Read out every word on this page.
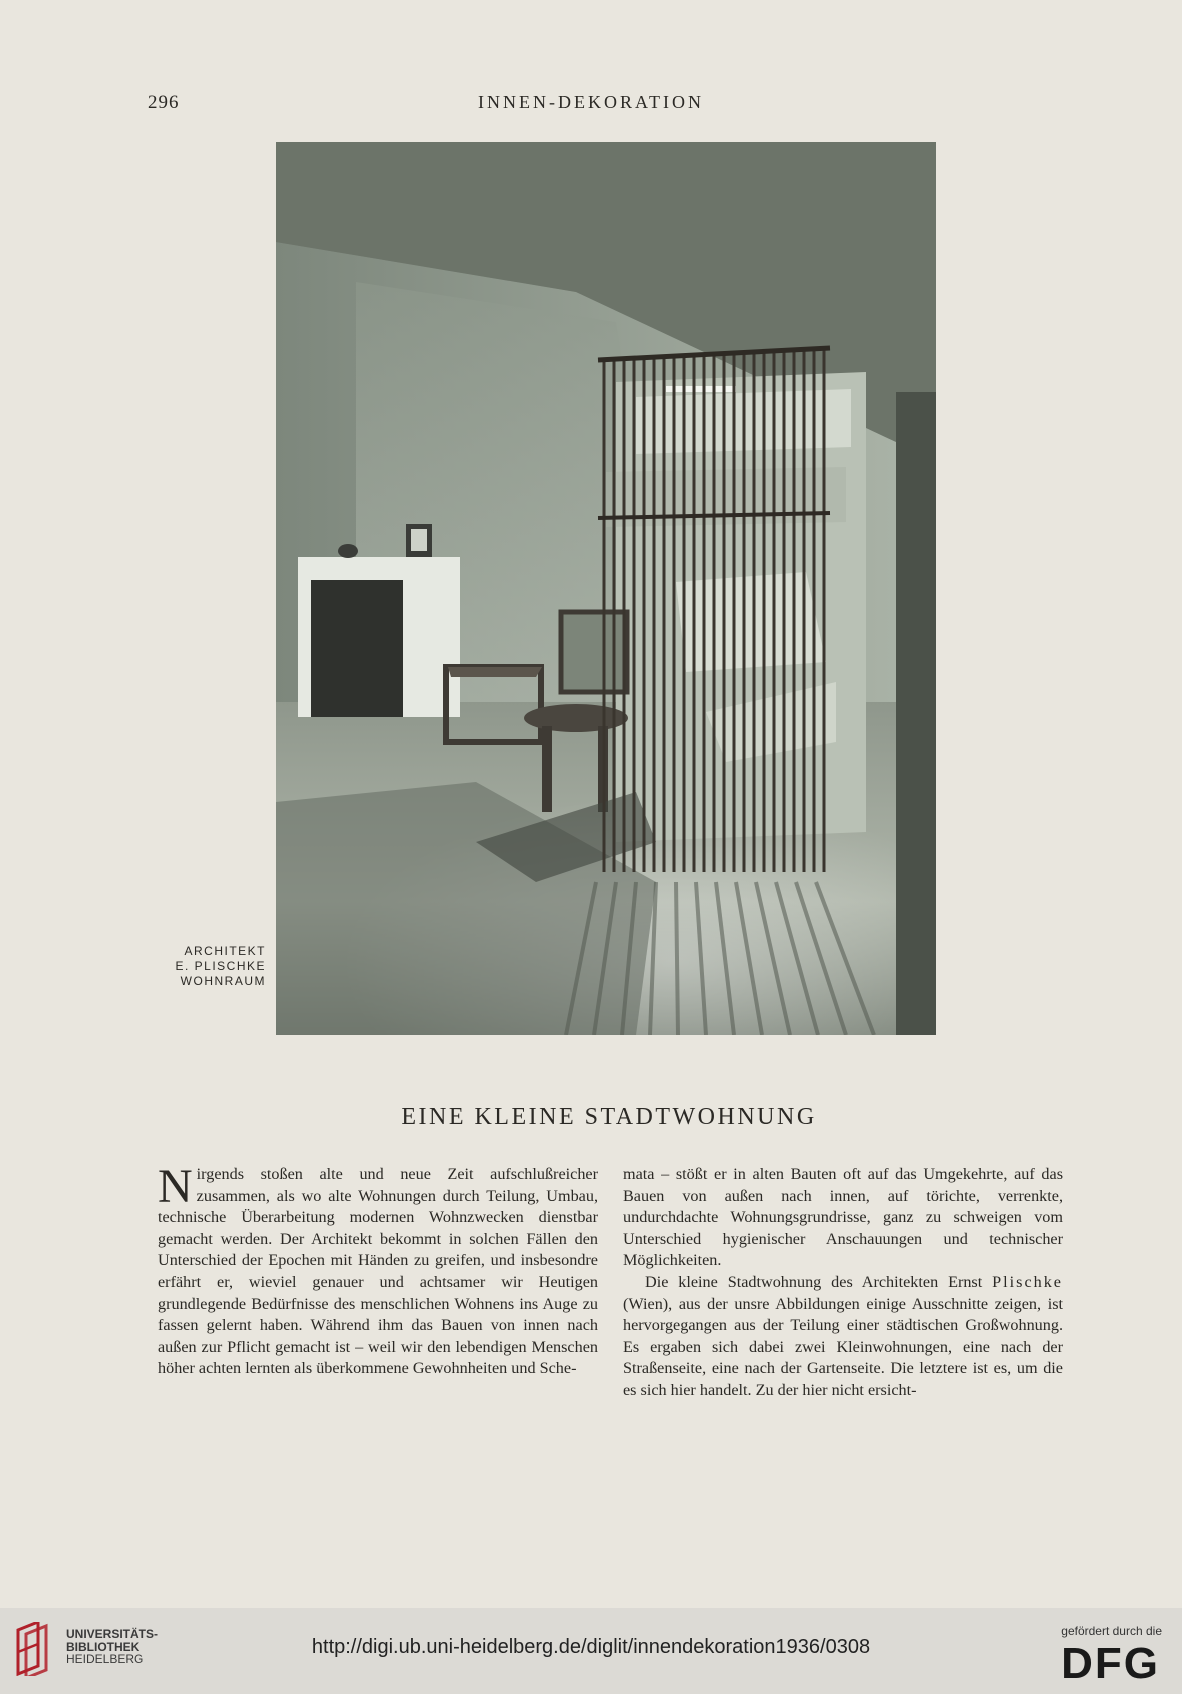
296	INNEN-DEKORATION
ARCHITEKT
E. PLISCHKE
WOHNRAUM
EINE KLEINE STADTWOHNUNG

Nirgends stoßen alte und neue Zeit aufschlußreicher zusammen, als wo alte Wohnungen durch Teilung, Umbau, technische Überarbeitung modernen Wohnzwecken dienstbar gemacht werden. Der Architekt bekommt in solchen Fällen den Unterschied der Epochen mit Händen zu greifen, und insbesondre erfährt er, wieviel genauer und achtsamer wir Heutigen grundlegende Bedürfnisse des menschlichen Wohnens ins Auge zu fassen gelernt haben. Während ihm das Bauen von innen nach außen zur Pflicht gemacht ist – weil wir den lebendigen Menschen höher achten lernten als überkommene Gewohnheiten und Sche-

mata – stößt er in alten Bauten oft auf das Umgekehrte, auf das Bauen von außen nach innen, auf törichte, verrenkte, undurchdachte Wohnungsgrundrisse, ganz zu schweigen vom Unterschied hygienischer Anschauungen und technischer Möglichkeiten.

Die kleine Stadtwohnung des Architekten Ernst Plischke (Wien), aus der unsre Abbildungen einige Ausschnitte zeigen, ist hervorgegangen aus der Teilung einer städtischen Großwohnung. Es ergaben sich dabei zwei Kleinwohnungen, eine nach der Straßenseite, eine nach der Gartenseite. Die letztere ist es, um die es sich hier handelt. Zu der hier nicht ersicht-

UNIVERSITÄTS-
BIBLIOTHEK
HEIDELBERG
http://digi.ub.uni-heidelberg.de/diglit/innendekoration1936/0308
gefördert durch die
DFG
